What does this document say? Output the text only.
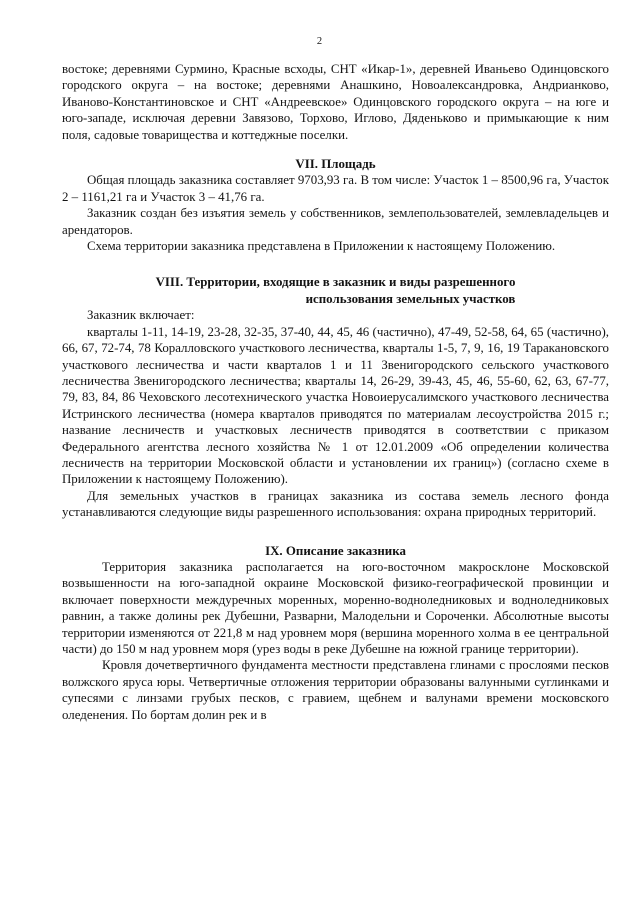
2

востоке; деревнями Сурмино, Красные всходы, СНТ «Икар-1», деревней Иваньево Одинцовского городского округа – на востоке; деревнями Анашкино, Новоалександровка, Андрианково, Иваново-Константиновское и СНТ «Андреевское» Одинцовского городского округа – на юге и юго-западе, исключая деревни Завязово, Торхово, Иглово, Дяденьково и примыкающие к ним поля, садовые товарищества и коттеджные поселки.

VII. Площадь

Общая площадь заказника составляет 9703,93 га. В том числе: Участок 1 – 8500,96 га, Участок 2 – 1161,21 га и Участок 3 – 41,76 га.

Заказник создан без изъятия земель у собственников, землепользователей, землевладельцев и арендаторов.

Схема территории заказника представлена в Приложении к настоящему Положению.

VIII. Территории, входящие в заказник и виды разрешенного
использования земельных участков

Заказник включает:

кварталы 1-11, 14-19, 23-28, 32-35, 37-40, 44, 45, 46 (частично), 47-49, 52-58, 64, 65 (частично), 66, 67, 72-74, 78 Коралловского участкового лесничества, кварталы 1-5, 7, 9, 16, 19 Таракановского участкового лесничества и части кварталов 1 и 11 Звенигородского сельского участкового лесничества Звенигородского лесничества; кварталы 14, 26-29, 39-43, 45, 46, 55-60, 62, 63, 67-77, 79, 83, 84, 86 Чеховского лесотехнического участка Новоиерусалимского участкового лесничества Истринского лесничества (номера кварталов приводятся по материалам лесоустройства 2015 г.; название лесничеств и участковых лесничеств приводятся в соответствии с приказом Федерального агентства лесного хозяйства № 1 от 12.01.2009 «Об определении количества лесничеств на территории Московской области и установлении их границ») (согласно схеме в Приложении к настоящему Положению).

Для земельных участков в границах заказника из состава земель лесного фонда устанавливаются следующие виды разрешенного использования: охрана природных территорий.

IX. Описание заказника

Территория заказника располагается на юго-восточном макросклоне Московской возвышенности на юго-западной окраине Московской физико-географической провинции и включает поверхности междуречных моренных, моренно-водноледниковых и водноледниковых равнин, а также долины рек Дубешни, Разварни, Малодельни и Сороченки. Абсолютные высоты территории изменяются от 221,8 м над уровнем моря (вершина моренного холма в ее центральной части) до 150 м над уровнем моря (урез воды в реке Дубешне на южной границе территории).

Кровля дочетвертичного фундамента местности представлена глинами с прослоями песков волжского яруса юры. Четвертичные отложения территории образованы валунными суглинками и супесями с линзами грубых песков, с гравием, щебнем и валунами времени московского оледенения. По бортам долин рек и в
